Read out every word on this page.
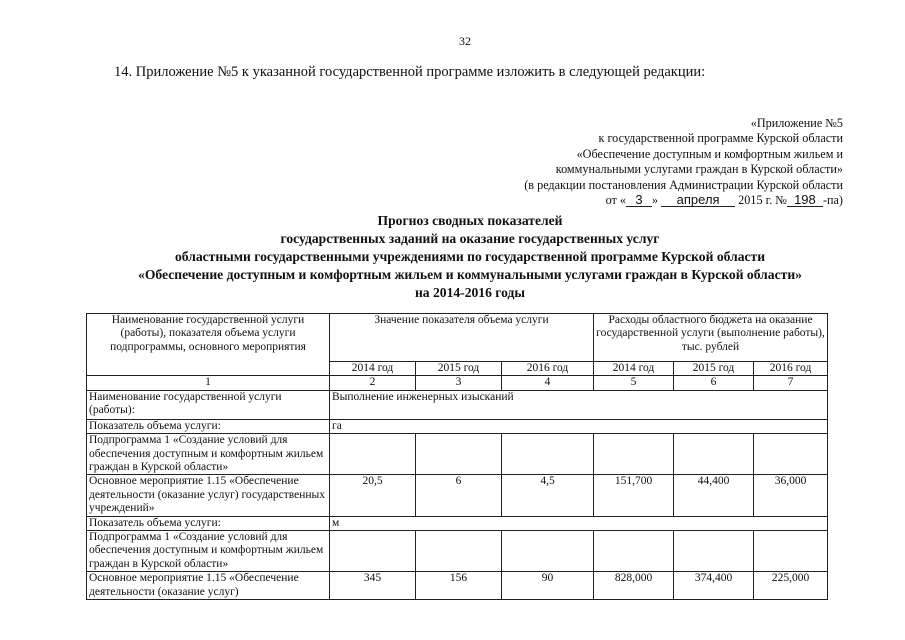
32
14. Приложение №5 к указанной государственной программе изложить в следующей редакции:
«Приложение №5
к государственной программе Курской области
«Обеспечение доступным и комфортным жильем и
коммунальными услугами граждан в Курской области»
(в редакции постановления Администрации Курской области
от « 3 » апреля 2015 г. № 198 -па)
Прогноз сводных показателей
государственных заданий на оказание государственных услуг
областными государственными учреждениями по государственной программе Курской области
«Обеспечение доступным и комфортным жильем и коммунальными услугами граждан в Курской области»
на 2014-2016 годы
Наименование государственной услуги (работы), показателя объема услуги подпрограммы, основного мероприятия	Значение показателя объема услуги			Расходы областного бюджета на оказание государственной услуги (выполнение работы), тыс. рублей		
	2014 год	2015 год	2016 год	2014 год	2015 год	2016 год
1	2	3	4	5	6	7
Наименование государственной услуги (работы):	Выполнение инженерных изысканий					
Показатель объема услуги:	га					
Подпрограмма 1 «Создание условий для обеспечения доступным и комфортным жильем граждан в Курской области»						
Основное мероприятие 1.15 «Обеспечение деятельности (оказание услуг) государственных учреждений»	20,5	6	4,5	151,700	44,400	36,000
Показатель объема услуги:	м					
Подпрограмма 1 «Создание условий для обеспечения доступным и комфортным жильем граждан в Курской области»						
Основное мероприятие 1.15 «Обеспечение деятельности (оказание услуг)	345	156	90	828,000	374,400	225,000
